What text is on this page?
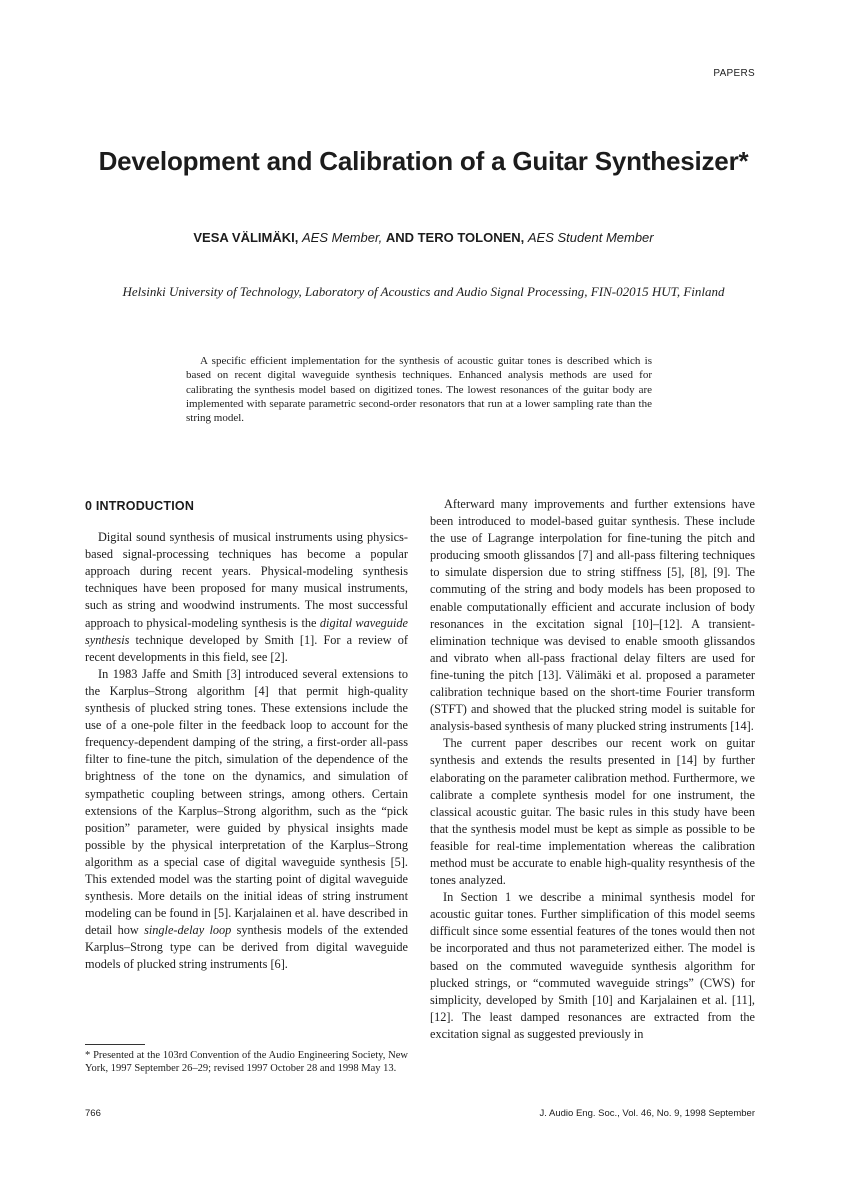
PAPERS
Development and Calibration of a Guitar Synthesizer*
VESA VÄLIMÄKI, AES Member, AND TERO TOLONEN, AES Student Member
Helsinki University of Technology, Laboratory of Acoustics and Audio Signal Processing, FIN-02015 HUT, Finland
A specific efficient implementation for the synthesis of acoustic guitar tones is described which is based on recent digital waveguide synthesis techniques. Enhanced analysis methods are used for calibrating the synthesis model based on digitized tones. The lowest resonances of the guitar body are implemented with separate parametric second-order resonators that run at a lower sampling rate than the string model.
0 INTRODUCTION

Digital sound synthesis of musical instruments using physics-based signal-processing techniques has become a popular approach during recent years. Physical-modeling synthesis techniques have been proposed for many musical instruments, such as string and woodwind instruments. The most successful approach to physical-modeling synthesis is the digital waveguide synthesis technique developed by Smith [1]. For a review of recent developments in this field, see [2].

In 1983 Jaffe and Smith [3] introduced several extensions to the Karplus–Strong algorithm [4] that permit high-quality synthesis of plucked string tones. These extensions include the use of a one-pole filter in the feedback loop to account for the frequency-dependent damping of the string, a first-order all-pass filter to fine-tune the pitch, simulation of the dependence of the brightness of the tone on the dynamics, and simulation of sympathetic coupling between strings, among others. Certain extensions of the Karplus–Strong algorithm, such as the “pick position” parameter, were guided by physical insights made possible by the physical interpretation of the Karplus–Strong algorithm as a special case of digital waveguide synthesis [5]. This extended model was the starting point of digital waveguide synthesis. More details on the initial ideas of string instrument modeling can be found in [5]. Karjalainen et al. have described in detail how single-delay loop synthesis models of the extended Karplus–Strong type can be derived from digital waveguide models of plucked string instruments [6].

Afterward many improvements and further extensions have been introduced to model-based guitar synthesis. These include the use of Lagrange interpolation for fine-tuning the pitch and producing smooth glissandos [7] and all-pass filtering techniques to simulate dispersion due to string stiffness [5], [8], [9]. The commuting of the string and body models has been proposed to enable computationally efficient and accurate inclusion of body resonances in the excitation signal [10]–[12]. A transient-elimination technique was devised to enable smooth glissandos and vibrato when all-pass fractional delay filters are used for fine-tuning the pitch [13]. Välimäki et al. proposed a parameter calibration technique based on the short-time Fourier transform (STFT) and showed that the plucked string model is suitable for analysis-based synthesis of many plucked string instruments [14].

The current paper describes our recent work on guitar synthesis and extends the results presented in [14] by further elaborating on the parameter calibration method. Furthermore, we calibrate a complete synthesis model for one instrument, the classical acoustic guitar. The basic rules in this study have been that the synthesis model must be kept as simple as possible to be feasible for real-time implementation whereas the calibration method must be accurate to enable high-quality resynthesis of the tones analyzed.

In Section 1 we describe a minimal synthesis model for acoustic guitar tones. Further simplification of this model seems difficult since some essential features of the tones would then not be incorporated and thus not parameterized either. The model is based on the commuted waveguide synthesis algorithm for plucked strings, or “commuted waveguide strings” (CWS) for simplicity, developed by Smith [10] and Karjalainen et al. [11], [12]. The least damped resonances are extracted from the excitation signal as suggested previously in

* Presented at the 103rd Convention of the Audio Engineering Society, New York, 1997 September 26–29; revised 1997 October 28 and 1998 May 13.
766	J. Audio Eng. Soc., Vol. 46, No. 9, 1998 September
